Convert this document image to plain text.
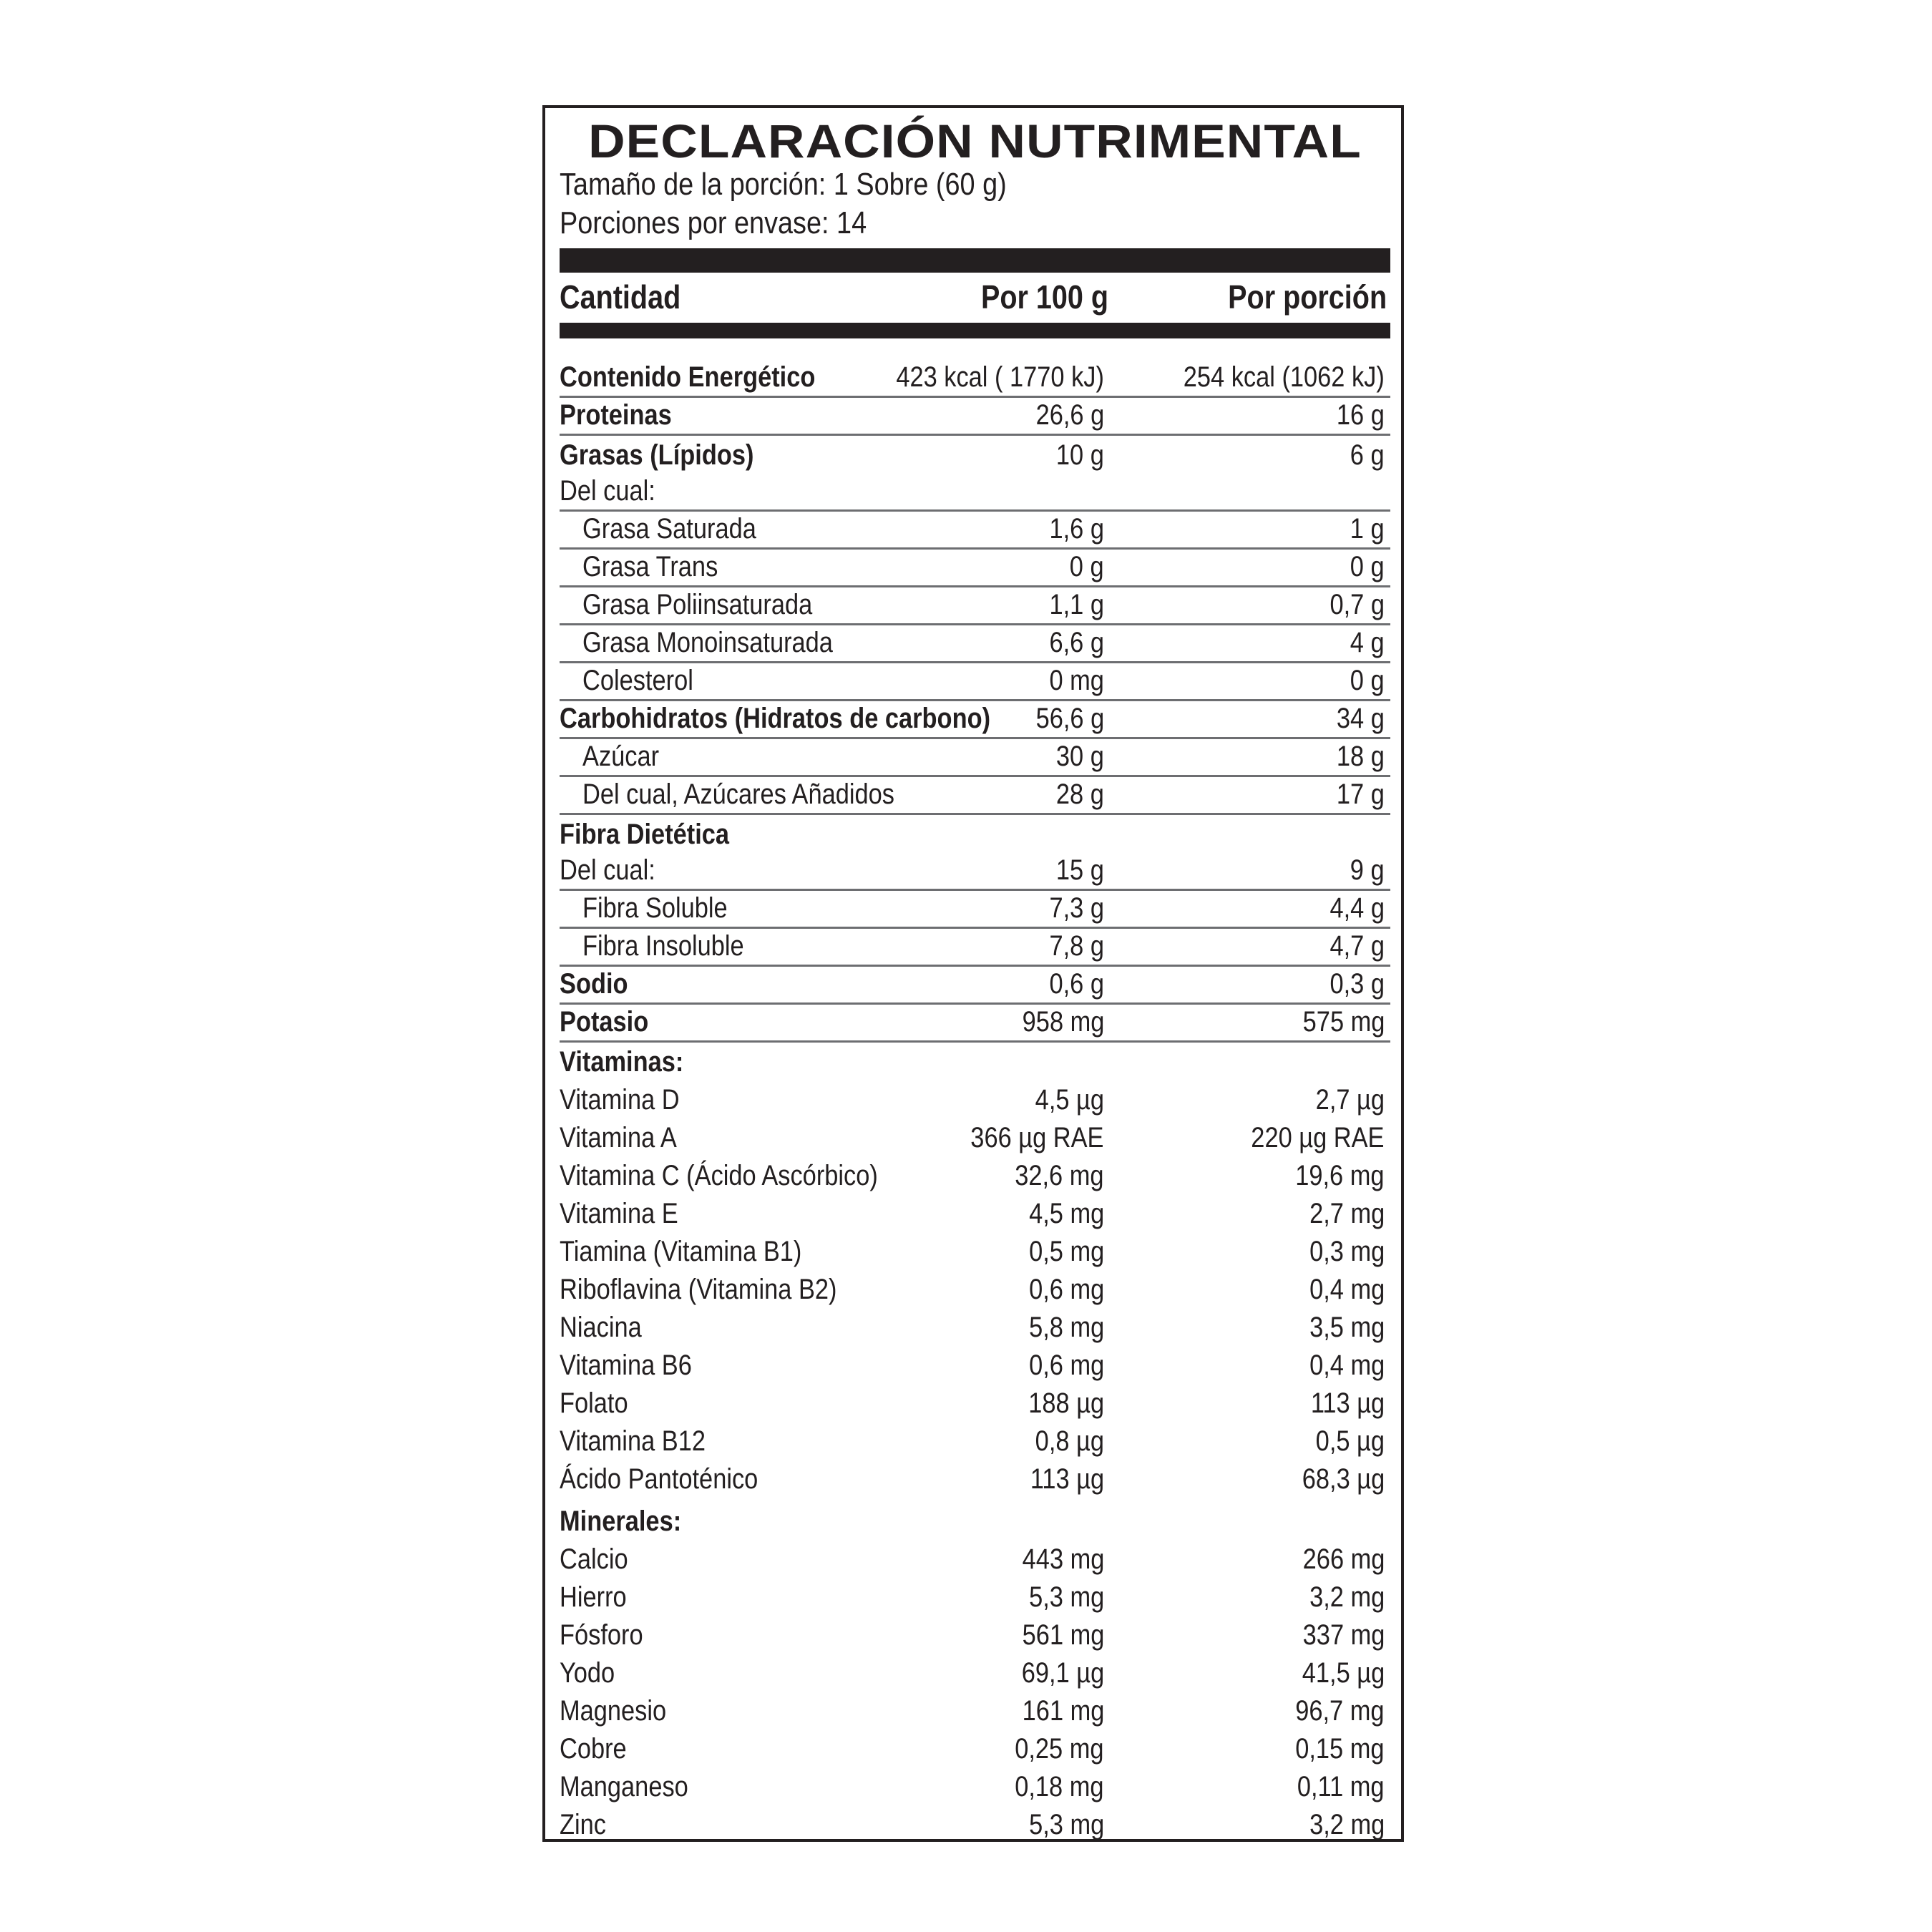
DECLARACIÓN NUTRIMENTAL
Tamaño de la porción: 1 Sobre (60 g)
Porciones por envase: 14
Cantidad	Por 100 g	Por porción
Contenido Energético	423 kcal ( 1770 kJ)	254 kcal (1062 kJ)
Proteinas	26,6 g	16 g
Grasas (Lípidos)	10 g	6 g
Del cual:
Grasa Saturada	1,6 g	1 g
Grasa Trans	0 g	0 g
Grasa Poliinsaturada	1,1 g	0,7 g
Grasa Monoinsaturada	6,6 g	4 g
Colesterol	0 mg	0 g
Carbohidratos (Hidratos de carbono) 56,6 g	34 g
Azúcar	30 g	18 g
Del cual, Azúcares Añadidos	28 g	17 g
Fibra Dietética
Del cual:	15 g	9 g
Fibra Soluble	7,3 g	4,4 g
Fibra Insoluble	7,8 g	4,7 g
Sodio	0,6 g	0,3 g
Potasio	958 mg	575 mg
Vitaminas:
Vitamina D	4,5 µg	2,7 µg
Vitamina A	366 µg RAE	220 µg RAE
Vitamina C (Ácido Ascórbico)	32,6 mg	19,6 mg
Vitamina E	4,5 mg	2,7 mg
Tiamina (Vitamina B1)	0,5 mg	0,3 mg
Riboflavina (Vitamina B2)	0,6 mg	0,4 mg
Niacina	5,8 mg	3,5 mg
Vitamina B6	0,6 mg	0,4 mg
Folato	188 µg	113 µg
Vitamina B12	0,8 µg	0,5 µg
Ácido Pantoténico	113 µg	68,3 µg
Minerales:
Calcio	443 mg	266 mg
Hierro	5,3 mg	3,2 mg
Fósforo	561 mg	337 mg
Yodo	69,1 µg	41,5 µg
Magnesio	161 mg	96,7 mg
Cobre	0,25 mg	0,15 mg
Manganeso	0,18 mg	0,11 mg
Zinc	5,3 mg	3,2 mg
